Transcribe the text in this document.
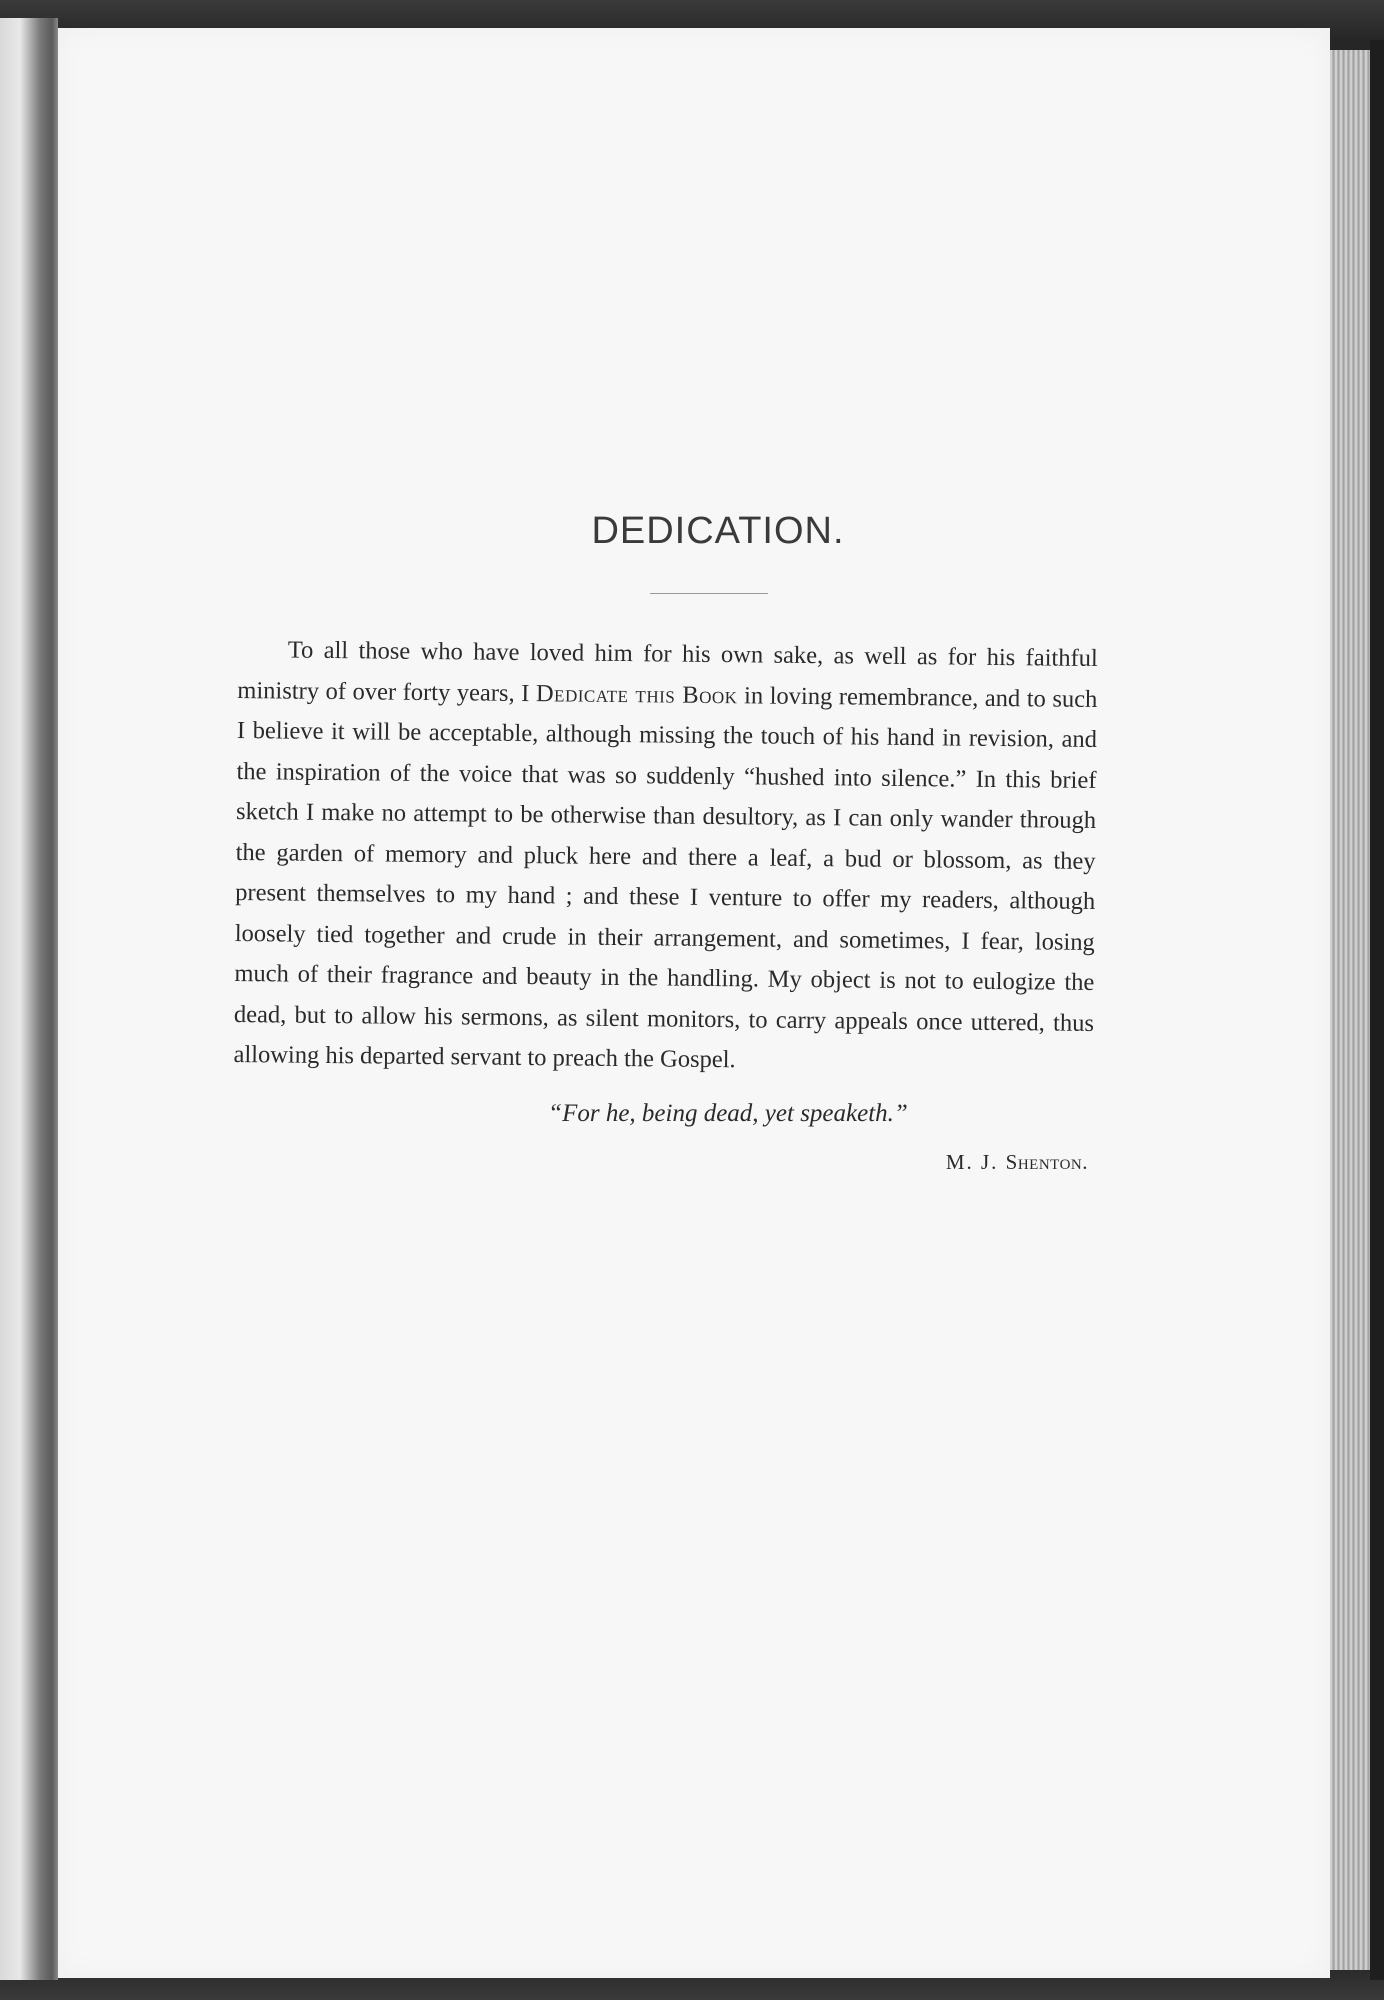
DEDICATION.

To all those who have loved him for his own sake, as well as for his faithful ministry of over forty years, I Dedicate this Book in loving remembrance, and to such I believe it will be acceptable, although missing the touch of his hand in revision, and the inspiration of the voice that was so suddenly “hushed into silence.” In this brief sketch I make no attempt to be otherwise than desultory, as I can only wander through the garden of memory and pluck here and there a leaf, a bud or blossom, as they present themselves to my hand ; and these I venture to offer my readers, although loosely tied together and crude in their arrangement, and sometimes, I fear, losing much of their fragrance and beauty in the handling. My object is not to eulogize the dead, but to allow his sermons, as silent monitors, to carry appeals once uttered, thus allowing his departed servant to preach the Gospel.

“For he, being dead, yet speaketh.”
M. J. Shenton.
